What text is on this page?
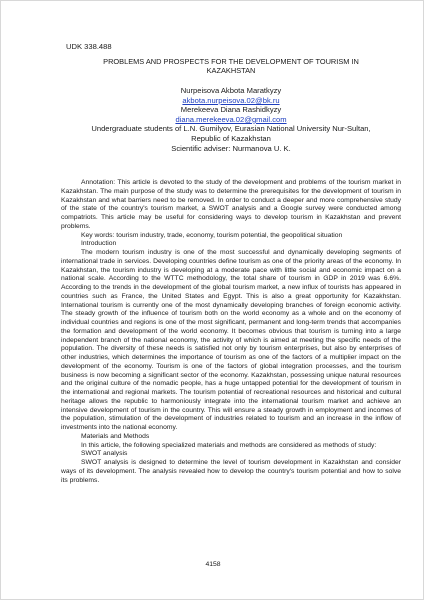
UDK 338.488
PROBLEMS AND PROSPECTS FOR THE DEVELOPMENT OF TOURISM IN
KAZAKHSTAN
Nurpeisova Akbota Maratkyzy
akbota.nurpeisova.02@bk.ru
Merekeeva Diana Rashidkyzy
diana.merekeeva.02@gmail.com
Undergraduate students of L.N. Gumilyov, Eurasian National University Nur-Sultan,
Republic of Kazakhstan
Scientific adviser: Nurmanova U. K.

Annotation: This article is devoted to the study of the development and problems of the tourism market in Kazakhstan. The main purpose of the study was to determine the prerequisites for the development of tourism in Kazakhstan and what barriers need to be removed. In order to conduct a deeper and more comprehensive study of the state of the country's tourism market, a SWOT analysis and a Google survey were conducted among compatriots. This article may be useful for considering ways to develop tourism in Kazakhstan and prevent problems.

Key words: tourism industry, trade, economy, tourism potential, the geopolitical situation

Introduction

The modern tourism industry is one of the most successful and dynamically developing segments of international trade in services. Developing countries define tourism as one of the priority areas of the economy. In Kazakhstan, the tourism industry is developing at a moderate pace with little social and economic impact on a national scale. According to the WTTC methodology, the total share of tourism in GDP in 2019 was 6.6%. According to the trends in the development of the global tourism market, a new influx of tourists has appeared in countries such as France, the United States and Egypt. This is also a great opportunity for Kazakhstan. International tourism is currently one of the most dynamically developing branches of foreign economic activity. The steady growth of the influence of tourism both on the world economy as a whole and on the economy of individual countries and regions is one of the most significant, permanent and long-term trends that accompanies the formation and development of the world economy. It becomes obvious that tourism is turning into a large independent branch of the national economy, the activity of which is aimed at meeting the specific needs of the population. The diversity of these needs is satisfied not only by tourism enterprises, but also by enterprises of other industries, which determines the importance of tourism as one of the factors of a multiplier impact on the development of the economy. Tourism is one of the factors of global integration processes, and the tourism business is now becoming a significant sector of the economy. Kazakhstan, possessing unique natural resources and the original culture of the nomadic people, has a huge untapped potential for the development of tourism in the international and regional markets. The tourism potential of recreational resources and historical and cultural heritage allows the republic to harmoniously integrate into the international tourism market and achieve an intensive development of tourism in the country. This will ensure a steady growth in employment and incomes of the population, stimulation of the development of industries related to tourism and an increase in the inflow of investments into the national economy.

Materials and Methods

In this article, the following specialized materials and methods are considered as methods of study:

SWOT analysis

SWOT analysis is designed to determine the level of tourism development in Kazakhstan and consider ways of its development. The analysis revealed how to develop the country's tourism potential and how to solve its problems.

4158
